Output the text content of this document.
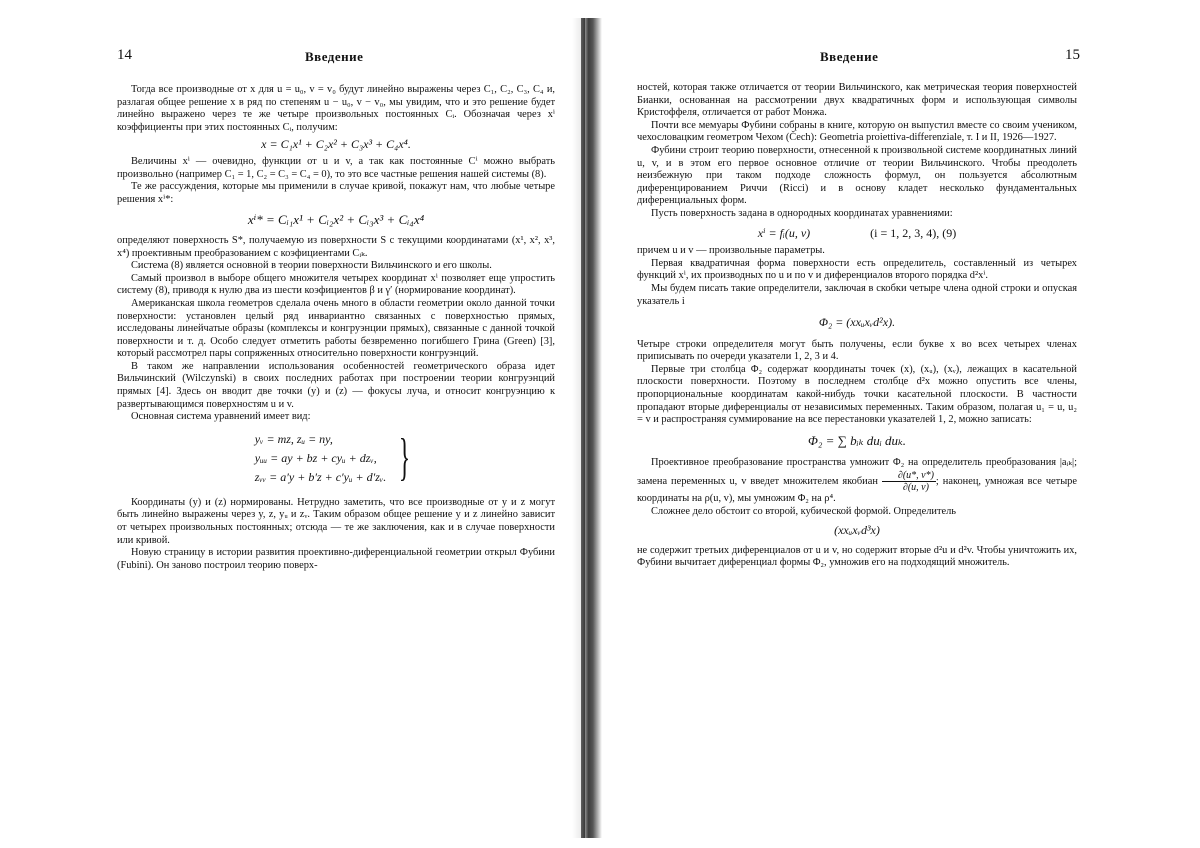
14	Введение

Тогда все производные от x для u = u₀, v = v₀ будут линейно выражены через C₁, C₂, C₃, C₄ и, разлагая общее решение x в ряд по степеням u − u₀, v − v₀, мы увидим, что и это решение будет линейно выражено через те же четыре произвольных постоянных Cᵢ. Обозначая через xⁱ коэффициенты при этих постоянных Cᵢ, получим:

x = C₁x¹ + C₂x² + C₃x³ + C₄x⁴.

Величины xⁱ — очевидно, функции от u и v, а так как постоянные Cⁱ можно выбрать произвольно (например C₁ = 1, C₂ = C₃ = C₄ = 0), то это все частные решения нашей системы (8).

Те же рассуждения, которые мы применили в случае кривой, покажут нам, что любые четыре решения xⁱ*:

xⁱ* = Cᵢ₁x¹ + Cᵢ₂x² + Cᵢ₃x³ + Cᵢ₄x⁴

определяют поверхность S*, получаемую из поверхности S с текущими координатами (x¹, x², x³, x⁴) проективным преобразованием с коэфициентами Cᵢₖ.

Система (8) является основной в теории поверхности Вильчинского и его школы.

Самый произвол в выборе общего множителя четырех координат xⁱ позволяет еще упростить систему (8), приводя к нулю два из шести коэфициентов β и γ′ (нормирование координат).

Американская школа геометров сделала очень много в области геометрии около данной точки поверхности: установлен целый ряд инвариантно связанных с поверхностью прямых, исследованы линейчатые образы (комплексы и конгруэнции прямых), связанные с данной точкой поверхности и т. д. Особо следует отметить работы безвременно погибшего Грина (Green) [3], который рассмотрел пары сопряженных относительно поверхности конгруэнций.

В таком же направлении использования особенностей геометрического образа идет Вильчинский (Wilczynski) в своих последних работах при построении теории конгруэнций прямых [4]. Здесь он вводит две точки (y) и (z) — фокусы луча, и относит конгруэнцию к развертывающимся поверхностям u и v.

Основная система уравнений имеет вид:

yᵥ = mz, zᵤ = ny,
yᵤᵤ = ay + bz + cyᵤ + dzᵥ,
zᵥᵥ = a′y + b′z + c′yᵤ + d′zᵥ. }

Координаты (y) и (z) нормированы. Нетрудно заметить, что все производные от y и z могут быть линейно выражены через y, z, yᵤ и zᵥ. Таким образом общее решение y и z линейно зависит от четырех произвольных постоянных; отсюда — те же заключения, как и в случае поверхности или кривой.

Новую страницу в истории развития проективно-диференциальной геометрии открыл Фубини (Fubini). Он заново построил теорию поверх-

Введение	15

ностей, которая также отличается от теории Вильчинского, как метрическая теория поверхностей Бианки, основанная на рассмотрении двух квадратичных форм и использующая символы Кристоффеля, отличается от работ Монжа.

Почти все мемуары Фубини собраны в книге, которую он выпустил вместе со своим учеником, чехословацким геометром Чехом (Čech): Geometria proiettiva-differenziale, т. I и II, 1926—1927.

Фубини строит теорию поверхности, отнесенной к произвольной системе координатных линий u, v, и в этом его первое основное отличие от теории Вильчинского. Чтобы преодолеть неизбежную при таком подходе сложность формул, он пользуется абсолютным диференцированием Риччи (Ricci) и в основу кладет несколько фундаментальных диференциальных форм.

Пусть поверхность задана в однородных координатах уравнениями:

xⁱ = fᵢ(u, v)	(i = 1, 2, 3, 4), (9)

причем u и v — произвольные параметры.

Первая квадратичная форма поверхности есть определитель, составленный из четырех функций xⁱ, их производных по u и по v и диференциалов второго порядка d²xⁱ.

Мы будем писать такие определители, заключая в скобки четыре члена одной строки и опуская указатель i

Φ₂ = (xxᵤxᵥd²x).

Четыре строки определителя могут быть получены, если букве x во всех четырех членах приписывать по очереди указатели 1, 2, 3 и 4.

Первые три столбца Φ₂ содержат координаты точек (x), (xᵤ), (xᵥ), лежащих в касательной плоскости поверхности. Поэтому в последнем столбце d²x можно опустить все члены, пропорциональные координатам какой-нибудь точки касательной плоскости. В частности пропадают вторые диференциалы от независимых переменных. Таким образом, полагая u₁ = u, u₂ = v и распространяя суммирование на все перестановки указателей 1, 2, можно записать:

Φ₂ = ∑ bᵢₖ duᵢ duₖ.

Проективное преобразование пространства умножит Φ₂ на определитель преобразования |aᵢₖ|; замена переменных u, v введет множителем якобиан $\frac{\partial(u*, v*)}{\partial(u, v)}$ ; наконец, умножая все четыре координаты на ρ(u, v), мы умножим Φ₂ на ρ⁴.

Сложнее дело обстоит со второй, кубической формой. Определитель

(xxᵤxᵥd³x)

не содержит третьих диференциалов от u и v, но содержит вторые d²u и d²v. Чтобы уничтожить их, Фубини вычитает диференциал формы Φ₂, умножив его на подходящий множитель.
